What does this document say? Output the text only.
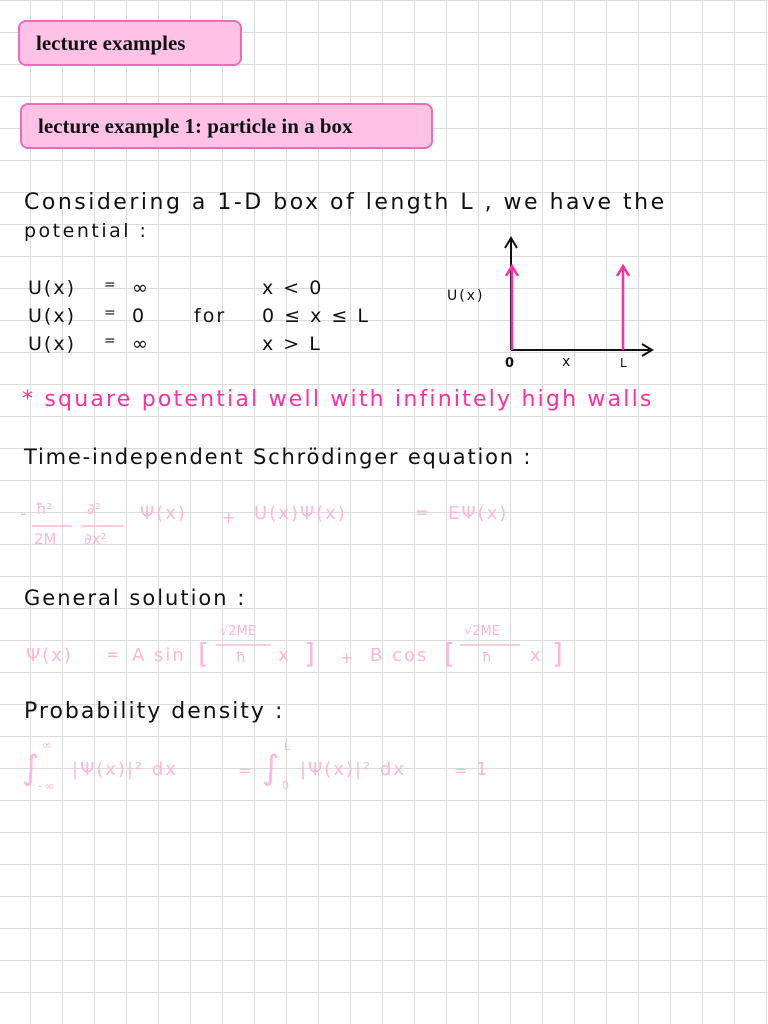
lecture examples
lecture example 1: particle in a box
Considering a 1-D box of length L , we have the
potential :
U(x) = ∞	x < 0
U(x) = 0	for 0 ≤ x ≤ L
U(x) = ∞	x > L
U(x)
0	x	L
* square potential well with infinitely high walls
Time-independent Schrödinger equation :
- ħ²
2M
∂²
∂x²
Ψ(x) + U(x)Ψ(x)	= EΨ(x)
General solution :
Ψ(x) = A sin [
√2ME
ħ x ] + B cos [
√2ME
ħ x ]
Probability density :
∫
∞
-∞
|Ψ(x)|² dx	= ∫
L
0
|Ψ(x)|² dx	= 1
